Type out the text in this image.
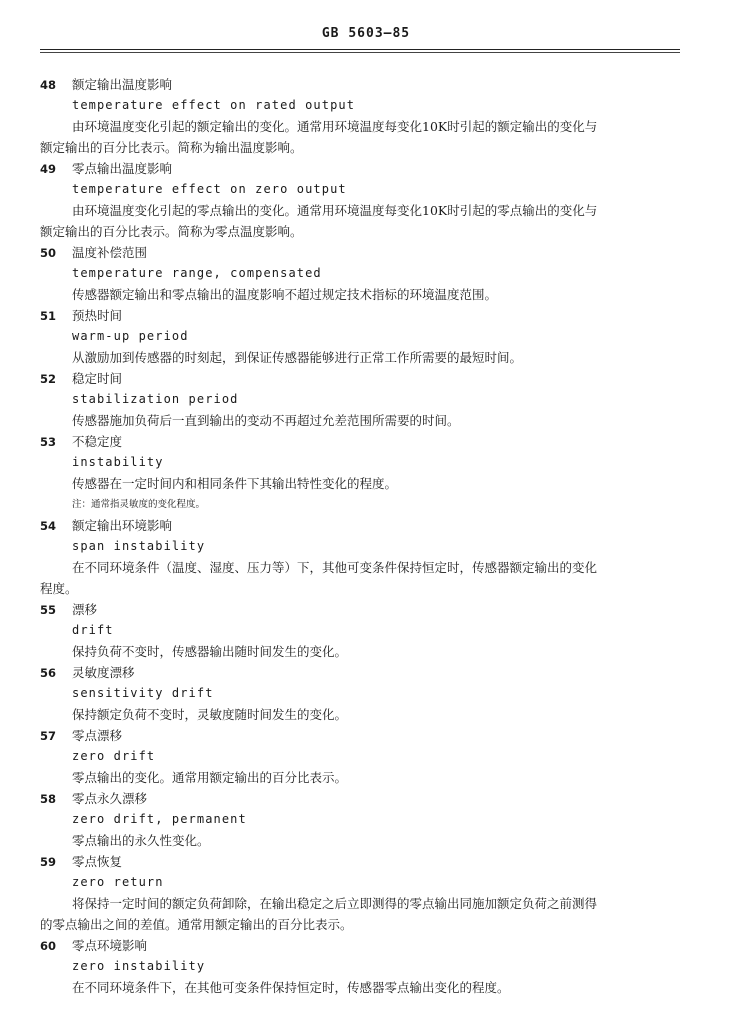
GB 5603—85
48 额定输出温度影响
temperature effect on rated output
由环境温度变化引起的额定输出的变化。通常用环境温度每变化10K时引起的额定输出的变化与
额定输出的百分比表示。简称为输出温度影响。
49 零点输出温度影响
temperature effect on zero output
由环境温度变化引起的零点输出的变化。通常用环境温度每变化10K时引起的零点输出的变化与
额定输出的百分比表示。简称为零点温度影响。
50 温度补偿范围
temperature range, compensated
传感器额定输出和零点输出的温度影响不超过规定技术指标的环境温度范围。
51 预热时间
warm-up period
从激励加到传感器的时刻起，到保证传感器能够进行正常工作所需要的最短时间。
52 稳定时间
stabilization period
传感器施加负荷后一直到输出的变动不再超过允差范围所需要的时间。
53 不稳定度
instability
传感器在一定时间内和相同条件下其输出特性变化的程度。
注：通常指灵敏度的变化程度。
54 额定输出环境影响
span instability
在不同环境条件（温度、湿度、压力等）下，其他可变条件保持恒定时，传感器额定输出的变化
程度。
55 漂移
drift
保持负荷不变时，传感器输出随时间发生的变化。
56 灵敏度漂移
sensitivity drift
保持额定负荷不变时，灵敏度随时间发生的变化。
57 零点漂移
zero drift
零点输出的变化。通常用额定输出的百分比表示。
58 零点永久漂移
zero drift, permanent
零点输出的永久性变化。
59 零点恢复
zero return
将保持一定时间的额定负荷卸除，在输出稳定之后立即测得的零点输出同施加额定负荷之前测得
的零点输出之间的差值。通常用额定输出的百分比表示。
60 零点环境影响
zero instability
在不同环境条件下，在其他可变条件保持恒定时，传感器零点输出变化的程度。
